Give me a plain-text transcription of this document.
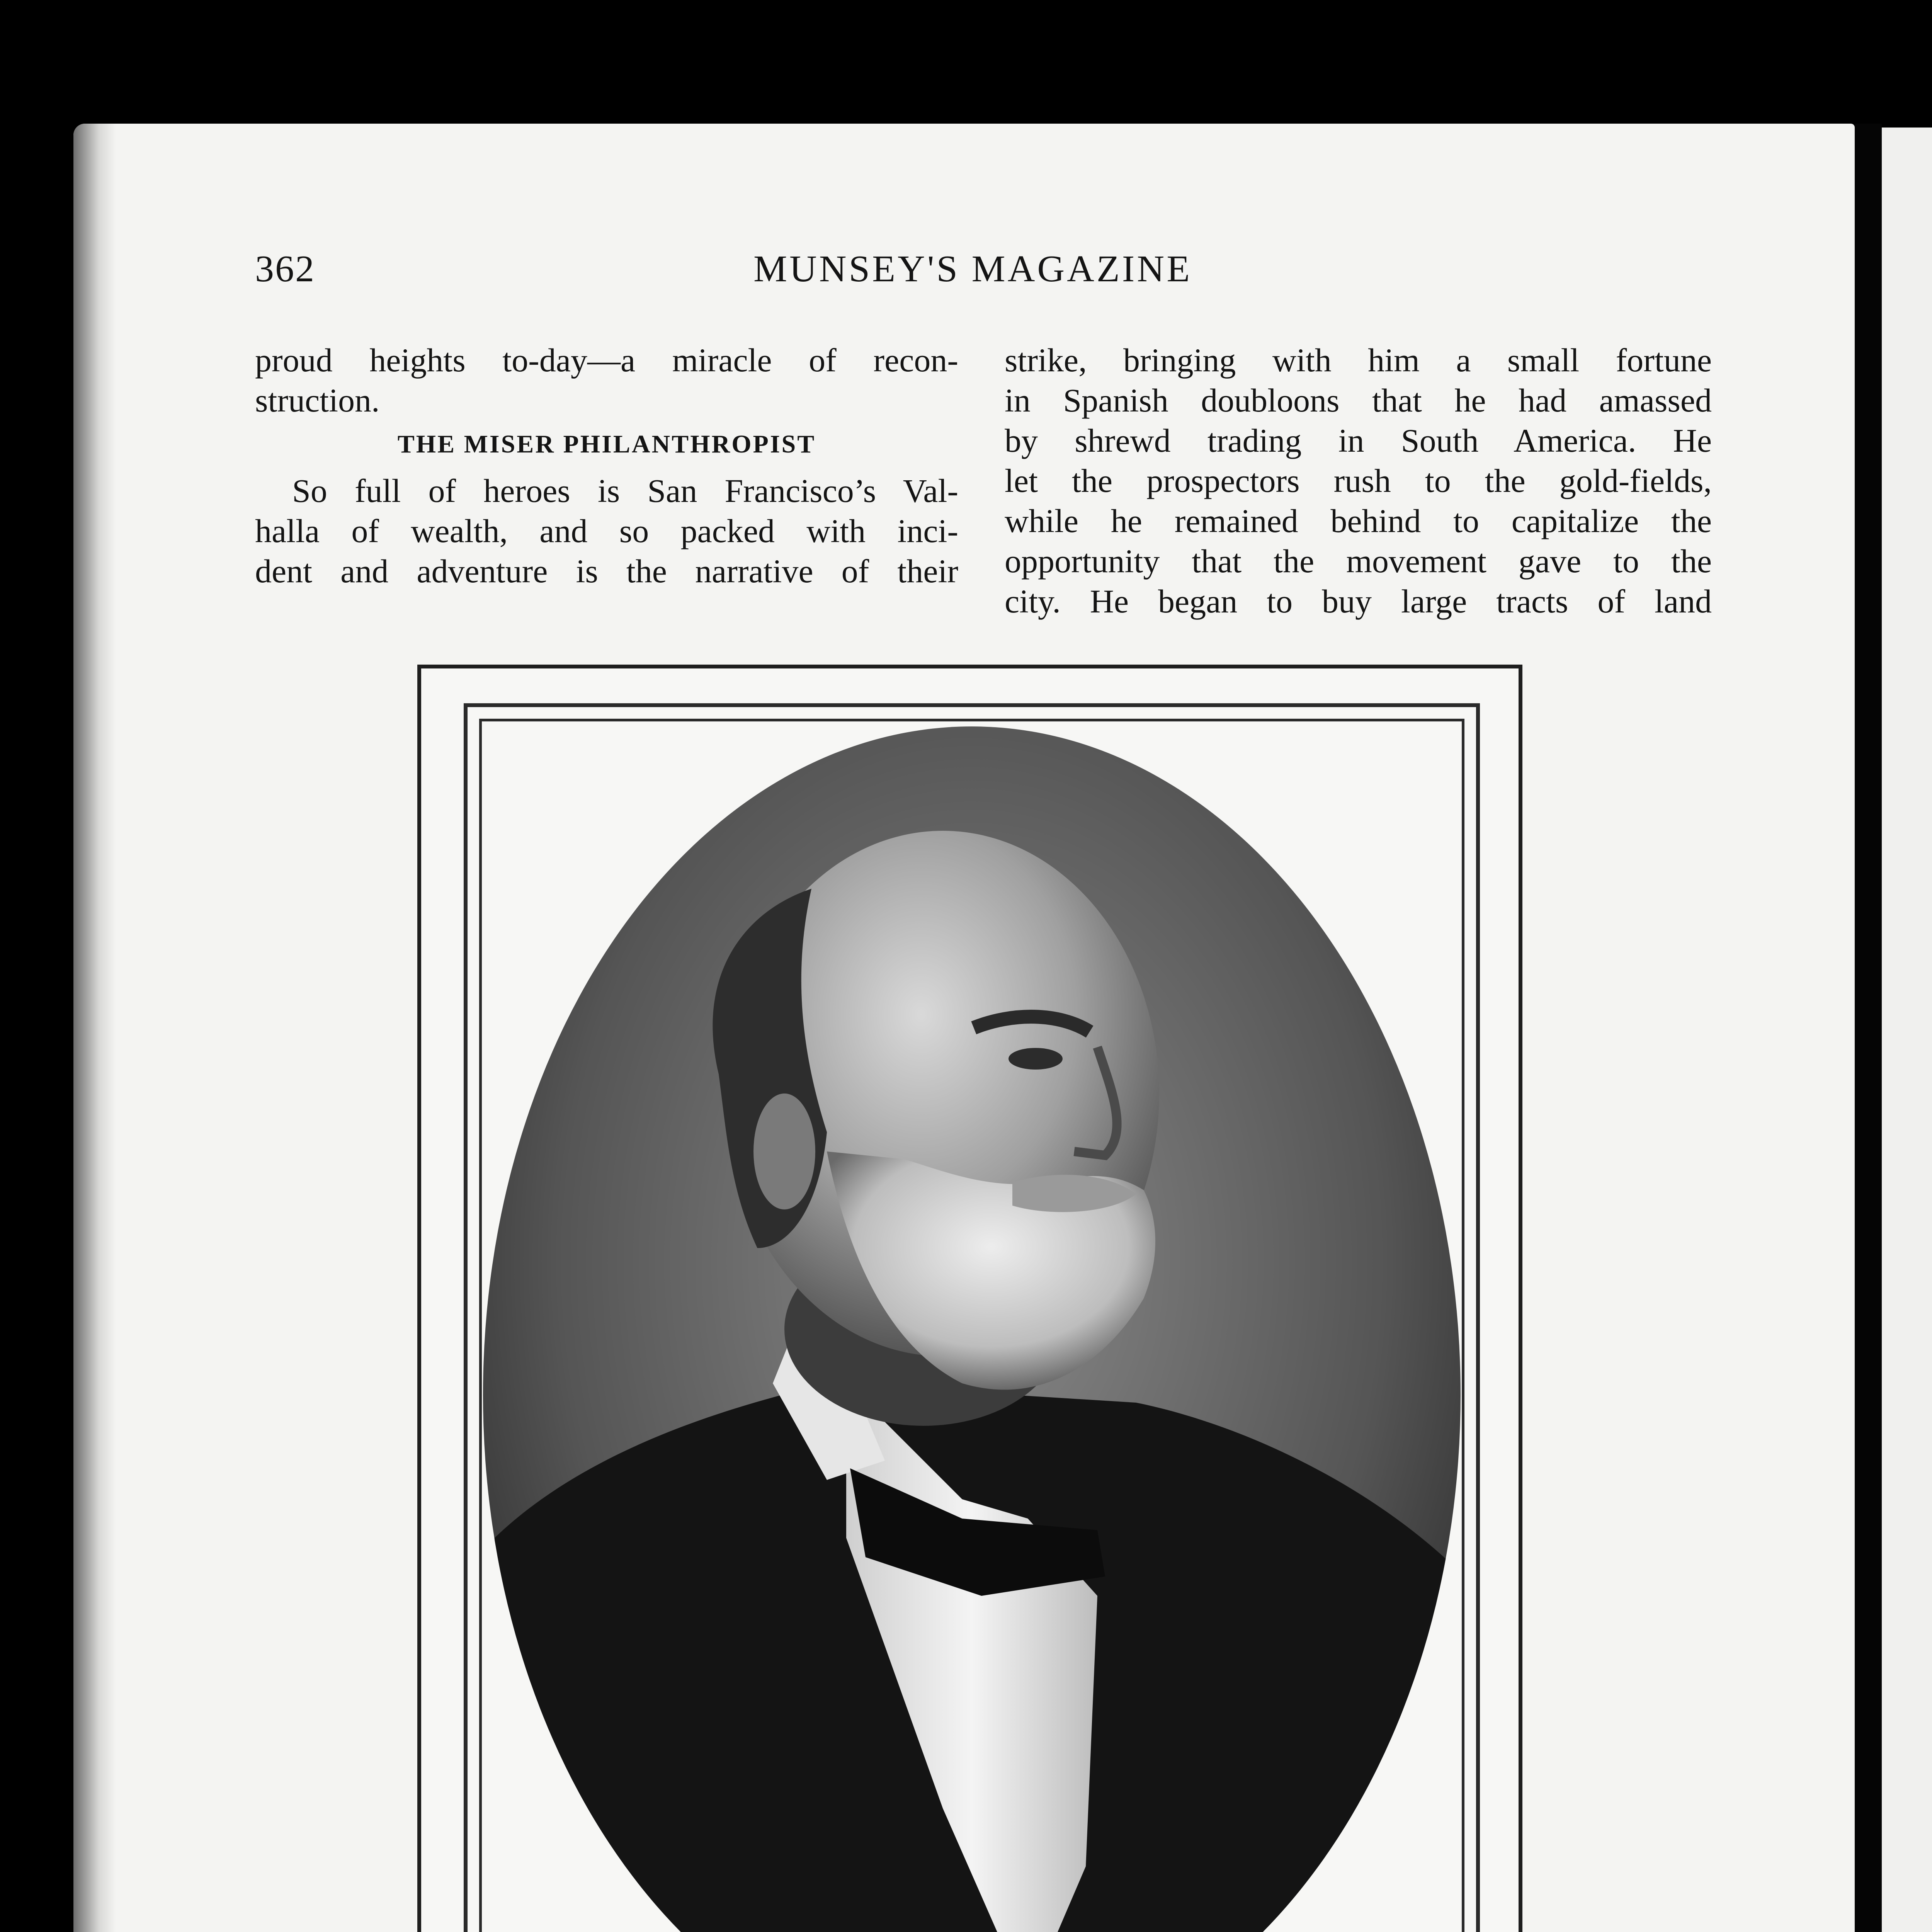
362	MUNSEY'S MAGAZINE
proud heights to-day—a miracle of recon-
struction.
THE MISER PHILANTHROPIST
So full of heroes is San Francisco’s Val-
halla of wealth, and so packed with inci-
dent and adventure is the narrative of their
strike, bringing with him a small fortune
in Spanish doubloons that he had amassed
by shrewd trading in South America. He
let the prospectors rush to the gold-fields,
while he remained behind to capitalize the
opportunity that the movement gave to the
city. He began to buy large tracts of land
